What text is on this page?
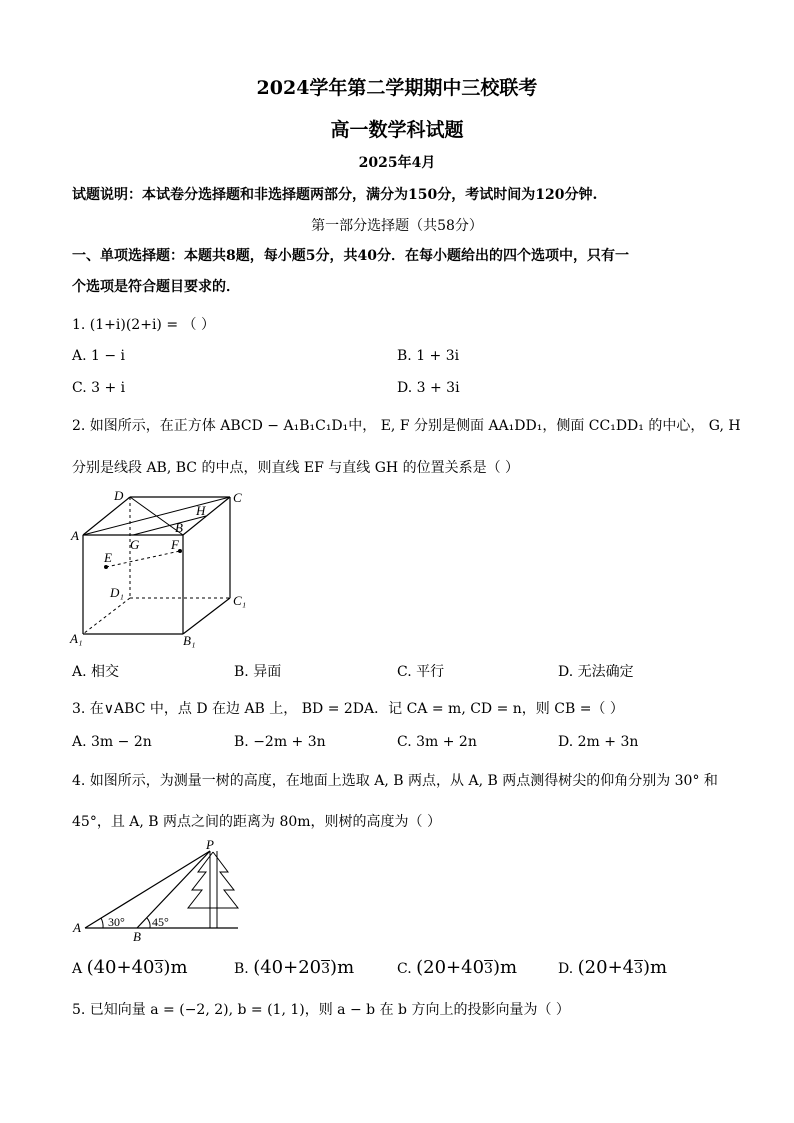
2024学年第二学期期中三校联考
高一数学科试题
2025年4月
试题说明：本试卷分选择题和非选择题两部分，满分为150分，考试时间为120分钟.
第一部分选择题（共58分）
一、单项选择题：本题共8题，每小题5分，共40分．在每小题给出的四个选项中，只有一
个选项是符合题目要求的．
1. (1+i)(2+i) = （ ）
A. 1 − i	B. 1 + 3i
C. 3 + i	D. 3 + 3i
2. 如图所示，在正方体 ABCD − A₁B₁C₁D₁中， E, F 分别是侧面 AA₁DD₁，侧面 CC₁DD₁ 的中心， G, H
分别是线段 AB, BC 的中点，则直线 EF 与直线 GH 的位置关系是（ ）
D	C
H
A
B
G F
E
D₁
C₁
A₁	B₁
A. 相交	B. 异面	C. 平行	D. 无法确定
3. 在∨ABC 中，点 D 在边 AB 上， BD = 2DA．记 CA = m, CD = n，则 CB =（ ）
A. 3m − 2n	B. −2m + 3n	C. 3m + 2n	D. 2m + 3n
4. 如图所示，为测量一树的高度，在地面上选取 A, B 两点，从 A, B 两点测得树尖的仰角分别为 30° 和
45°，且 A, B 两点之间的距离为 80m，则树的高度为（ ）
P
A
B
30° 45°
A (40+403)m	B. (40+203)m	C. (20+403)m	D. (20+43)m
5. 已知向量 a = (−2, 2), b = (1, 1)，则 a − b 在 b 方向上的投影向量为（ ）
